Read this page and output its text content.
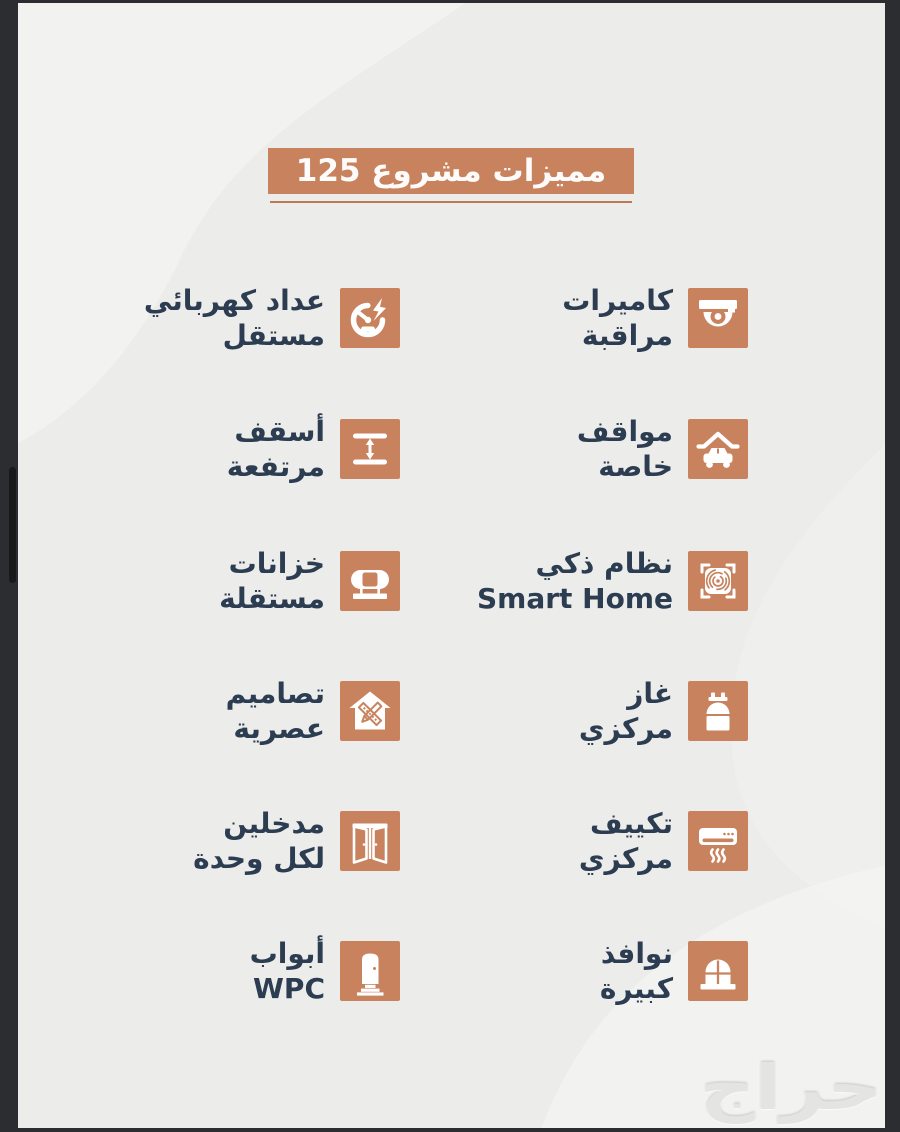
مميزات مشروع 125
كاميرات
مراقبة
مواقف
خاصة
نظام ذكي
Smart Home
غاز
مركزي
تكييف
مركزي
نوافذ
كبيرة
عداد كهربائي
مستقل
أسقف
مرتفعة
خزانات
مستقلة
تصاميم
عصرية
مدخلين
لكل وحدة
أبواب
WPC
حراج
